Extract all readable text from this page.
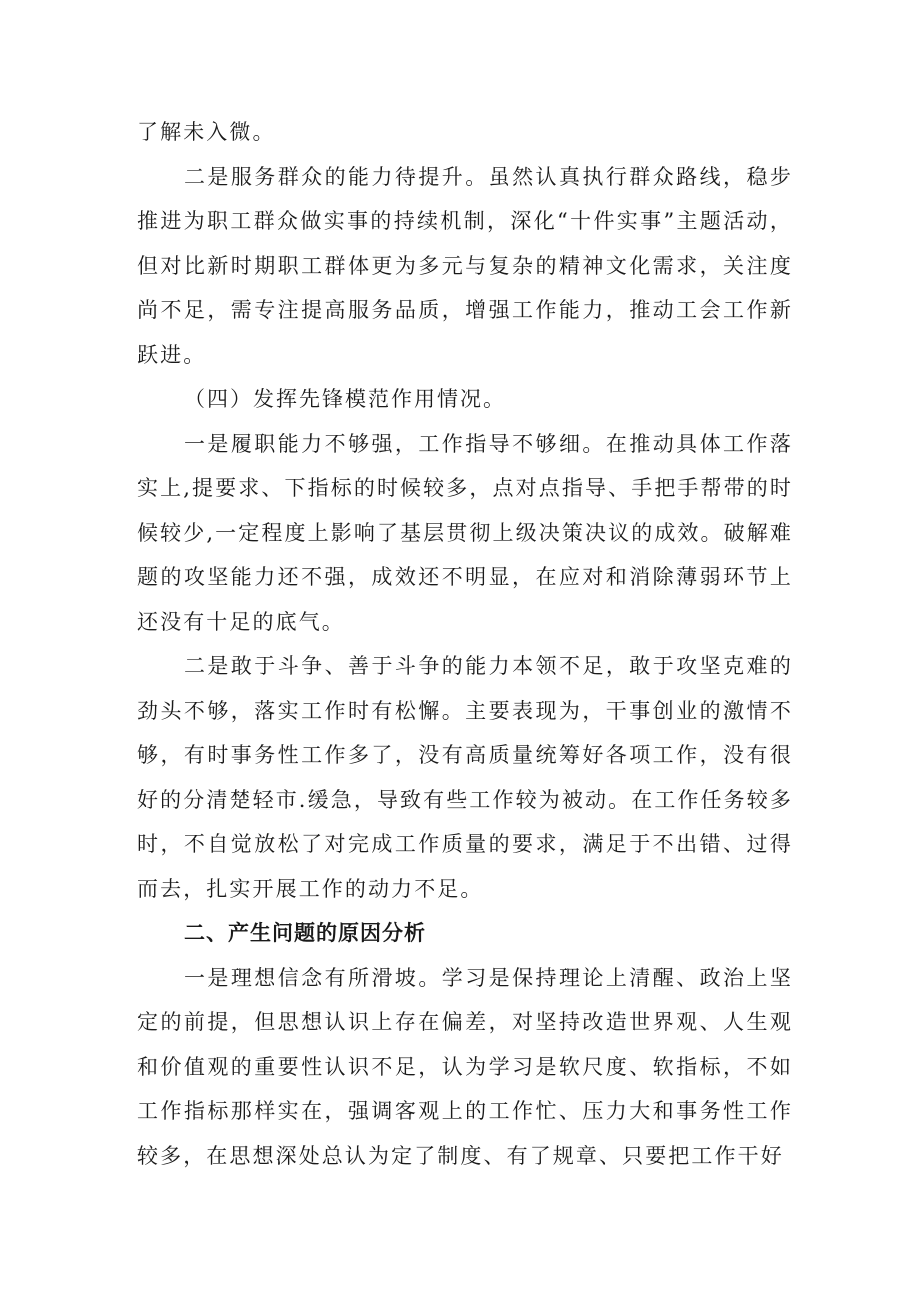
了解未入微。

二是服务群众的能力待提升。虽然认真执行群众路线，稳步推进为职工群众做实事的持续机制，深化“十件实事”主题活动，但对比新时期职工群体更为多元与复杂的精神文化需求，关注度尚不足，需专注提高服务品质，增强工作能力，推动工会工作新跃进。

（四）发挥先锋模范作用情况。

一是履职能力不够强，工作指导不够细。在推动具体工作落实上,提要求、下指标的时候较多，点对点指导、手把手帮带的时候较少,一定程度上影响了基层贯彻上级决策决议的成效。破解难题的攻坚能力还不强，成效还不明显，在应对和消除薄弱环节上还没有十足的底气。

二是敢于斗争、善于斗争的能力本领不足，敢于攻坚克难的劲头不够，落实工作时有松懈。主要表现为，干事创业的激情不够，有时事务性工作多了，没有高质量统筹好各项工作，没有很好的分清楚轻市.缓急，导致有些工作较为被动。在工作任务较多时，不自觉放松了对完成工作质量的要求，满足于不出错、过得而去，扎实开展工作的动力不足。

二、产生问题的原因分析

一是理想信念有所滑坡。学习是保持理论上清醒、政治上坚定的前提，但思想认识上存在偏差，对坚持改造世界观、人生观和价值观的重要性认识不足，认为学习是软尺度、软指标，不如工作指标那样实在，强调客观上的工作忙、压力大和事务性工作较多，在思想深处总认为定了制度、有了规章、只要把工作干好
